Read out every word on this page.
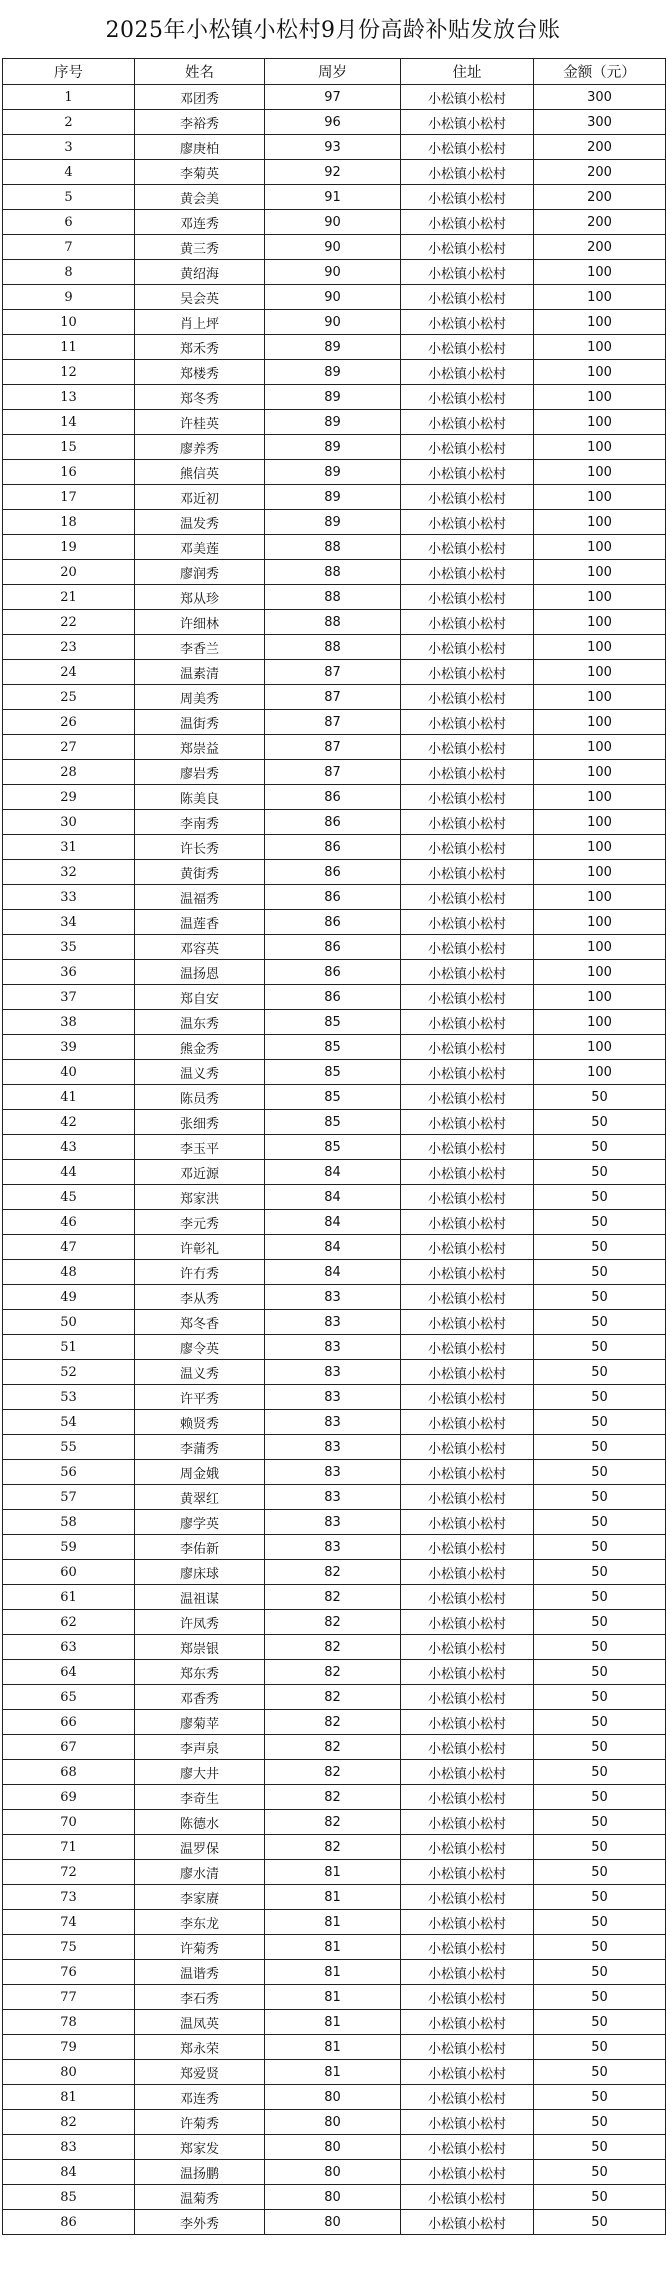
2025年小松镇小松村9月份高龄补贴发放台账
序号	姓名	周岁	住址	金额（元）
1	邓团秀	97	小松镇小松村	300
2	李裕秀	96	小松镇小松村	300
3	廖庚柏	93	小松镇小松村	200
4	李菊英	92	小松镇小松村	200
5	黄会美	91	小松镇小松村	200
6	邓连秀	90	小松镇小松村	200
7	黄三秀	90	小松镇小松村	200
8	黄绍海	90	小松镇小松村	100
9	吴会英	90	小松镇小松村	100
10	肖上坪	90	小松镇小松村	100
11	郑禾秀	89	小松镇小松村	100
12	郑楼秀	89	小松镇小松村	100
13	郑冬秀	89	小松镇小松村	100
14	许桂英	89	小松镇小松村	100
15	廖养秀	89	小松镇小松村	100
16	熊信英	89	小松镇小松村	100
17	邓近初	89	小松镇小松村	100
18	温发秀	89	小松镇小松村	100
19	邓美莲	88	小松镇小松村	100
20	廖润秀	88	小松镇小松村	100
21	郑从珍	88	小松镇小松村	100
22	许细林	88	小松镇小松村	100
23	李香兰	88	小松镇小松村	100
24	温素清	87	小松镇小松村	100
25	周美秀	87	小松镇小松村	100
26	温街秀	87	小松镇小松村	100
27	郑崇益	87	小松镇小松村	100
28	廖岩秀	87	小松镇小松村	100
29	陈美良	86	小松镇小松村	100
30	李南秀	86	小松镇小松村	100
31	许长秀	86	小松镇小松村	100
32	黄街秀	86	小松镇小松村	100
33	温福秀	86	小松镇小松村	100
34	温莲香	86	小松镇小松村	100
35	邓容英	86	小松镇小松村	100
36	温扬恩	86	小松镇小松村	100
37	郑自安	86	小松镇小松村	100
38	温东秀	85	小松镇小松村	100
39	熊金秀	85	小松镇小松村	100
40	温义秀	85	小松镇小松村	100
41	陈员秀	85	小松镇小松村	50
42	张细秀	85	小松镇小松村	50
43	李玉平	85	小松镇小松村	50
44	邓近源	84	小松镇小松村	50
45	郑家洪	84	小松镇小松村	50
46	李元秀	84	小松镇小松村	50
47	许彰礼	84	小松镇小松村	50
48	许冇秀	84	小松镇小松村	50
49	李从秀	83	小松镇小松村	50
50	郑冬香	83	小松镇小松村	50
51	廖令英	83	小松镇小松村	50
52	温义秀	83	小松镇小松村	50
53	许平秀	83	小松镇小松村	50
54	赖贤秀	83	小松镇小松村	50
55	李蒲秀	83	小松镇小松村	50
56	周金娥	83	小松镇小松村	50
57	黄翠红	83	小松镇小松村	50
58	廖学英	83	小松镇小松村	50
59	李佑新	83	小松镇小松村	50
60	廖床球	82	小松镇小松村	50
61	温祖谋	82	小松镇小松村	50
62	许凤秀	82	小松镇小松村	50
63	郑崇银	82	小松镇小松村	50
64	郑东秀	82	小松镇小松村	50
65	邓香秀	82	小松镇小松村	50
66	廖菊苹	82	小松镇小松村	50
67	李声泉	82	小松镇小松村	50
68	廖大井	82	小松镇小松村	50
69	李奇生	82	小松镇小松村	50
70	陈德水	82	小松镇小松村	50
71	温罗保	82	小松镇小松村	50
72	廖水清	81	小松镇小松村	50
73	李家赓	81	小松镇小松村	50
74	李东龙	81	小松镇小松村	50
75	许菊秀	81	小松镇小松村	50
76	温谐秀	81	小松镇小松村	50
77	李石秀	81	小松镇小松村	50
78	温凤英	81	小松镇小松村	50
79	郑永荣	81	小松镇小松村	50
80	郑爱贤	81	小松镇小松村	50
81	邓连秀	80	小松镇小松村	50
82	许菊秀	80	小松镇小松村	50
83	郑家发	80	小松镇小松村	50
84	温扬鹏	80	小松镇小松村	50
85	温菊秀	80	小松镇小松村	50
86	李外秀	80	小松镇小松村	50
